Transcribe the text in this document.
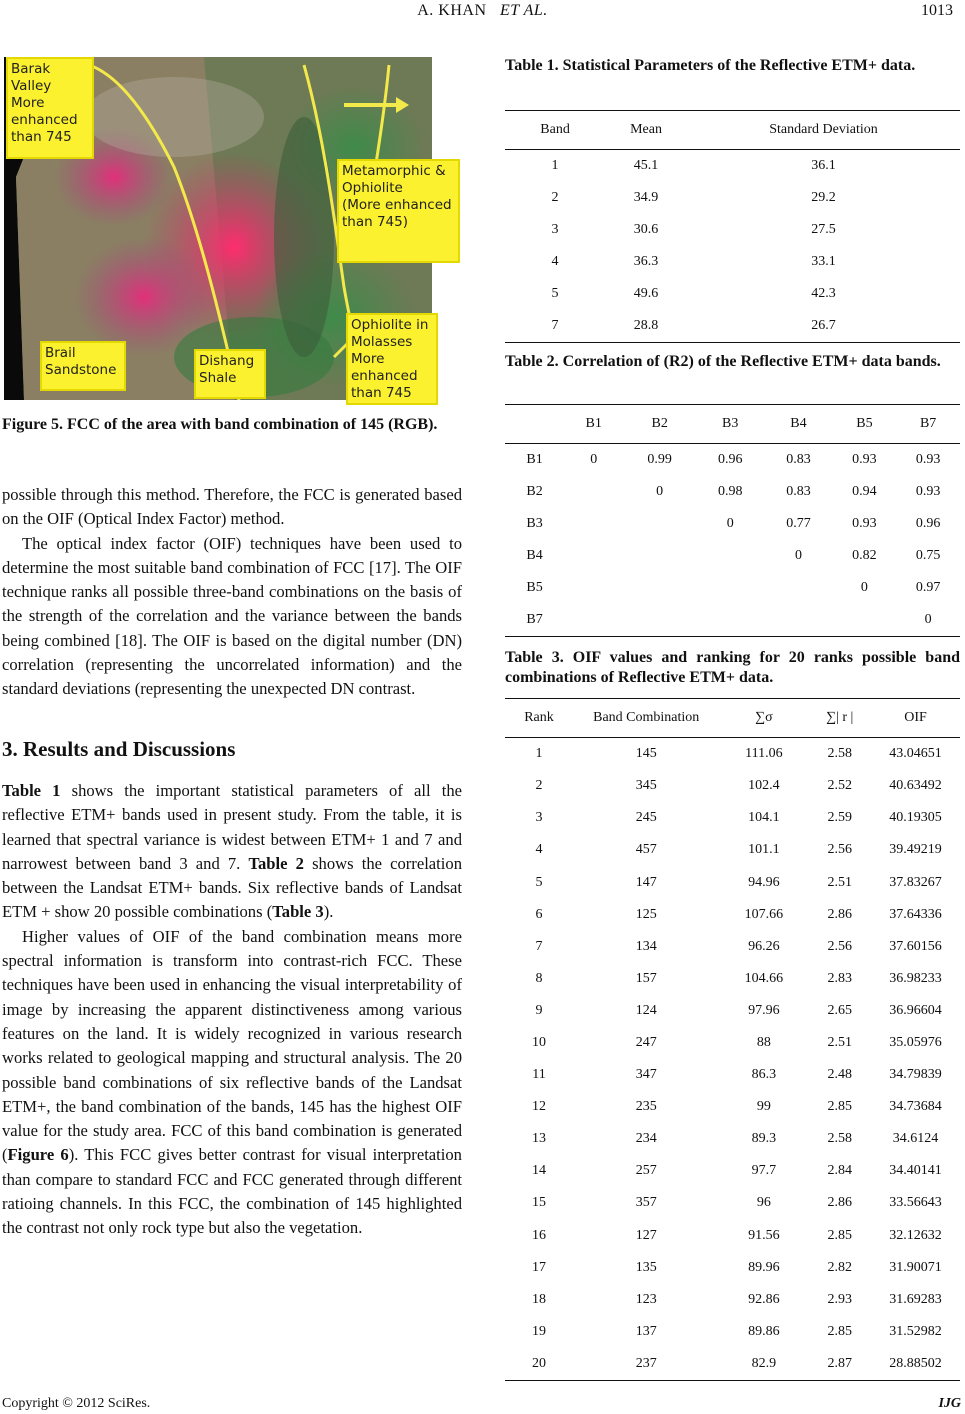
A. KHAN ET AL.	1013
Barak
Valley
More
enhanced
than 745
Metamorphic &
Ophiolite
(More enhanced
than 745)
Ophiolite in
Molasses
More
enhanced
than 745
Brail
Sandstone
Dishang
Shale
Figure 5. FCC of the area with band combination of 145 (RGB).

possible through this method. Therefore, the FCC is generated based on the OIF (Optical Index Factor) method.

The optical index factor (OIF) techniques have been used to determine the most suitable band combination of FCC [17]. The OIF technique ranks all possible three-band combinations on the basis of the strength of the correlation and the variance between the bands being combined [18]. The OIF is based on the digital number (DN) correlation (representing the uncorrelated information) and the standard deviations (representing the unexpected DN contrast.

3. Results and Discussions

Table 1 shows the important statistical parameters of all the reflective ETM+ bands used in present study. From the table, it is learned that spectral variance is widest between ETM+ 1 and 7 and narrowest between band 3 and 7. Table 2 shows the correlation between the Landsat ETM+ bands. Six reflective bands of Landsat ETM + show 20 possible combinations (Table 3).

Higher values of OIF of the band combination means more spectral information is transform into contrast-rich FCC. These techniques have been used in enhancing the visual interpretability of image by increasing the apparent distinctiveness among various features on the land. It is widely recognized in various research works related to geological mapping and structural analysis. The 20 possible band combinations of six reflective bands of the Landsat ETM+, the band combination of the bands, 145 has the highest OIF value for the study area. FCC of this band combination is generated (Figure 6). This FCC gives better contrast for visual interpretation than compare to standard FCC and FCC generated through different ratioing channels. In this FCC, the combination of 145 highlighted the contrast not only rock type but also the vegetation.

Table 1. Statistical Parameters of the Reflective ETM+ data.
Band	Mean	Standard Deviation
1	45.1	36.1
2	34.9	29.2
3	30.6	27.5
4	36.3	33.1
5	49.6	42.3
7	28.8	26.7
Table 2. Correlation of (R2) of the Reflective ETM+ data bands.
	B1	B2	B3	B4	B5	B7
B1	0	0.99	0.96	0.83	0.93	0.93
B2		0	0.98	0.83	0.94	0.93
B3			0	0.77	0.93	0.96
B4				0	0.82	0.75
B5					0	0.97
B7						0
Table 3. OIF values and ranking for 20 ranks possible band combinations of Reflective ETM+ data.
Rank	Band Combination	∑σ	∑| r |	OIF
1	145	111.06	2.58	43.04651
2	345	102.4	2.52	40.63492
3	245	104.1	2.59	40.19305
4	457	101.1	2.56	39.49219
5	147	94.96	2.51	37.83267
6	125	107.66	2.86	37.64336
7	134	96.26	2.56	37.60156
8	157	104.66	2.83	36.98233
9	124	97.96	2.65	36.96604
10	247	88	2.51	35.05976
11	347	86.3	2.48	34.79839
12	235	99	2.85	34.73684
13	234	89.3	2.58	34.6124
14	257	97.7	2.84	34.40141
15	357	96	2.86	33.56643
16	127	91.56	2.85	32.12632
17	135	89.96	2.82	31.90071
18	123	92.86	2.93	31.69283
19	137	89.86	2.85	31.52982
20	237	82.9	2.87	28.88502
Copyright © 2012 SciRes.	IJG
